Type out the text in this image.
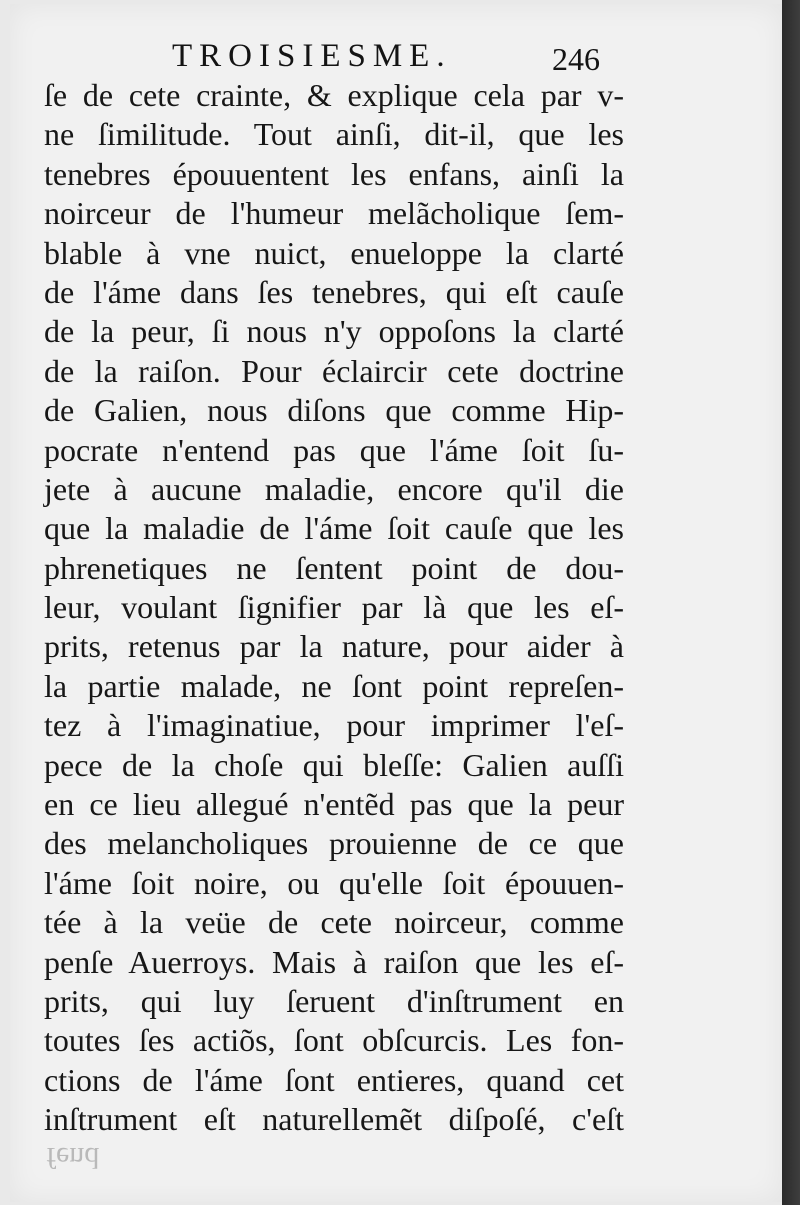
TROISIESME.	246
ſe de cete crainte, & explique cela par v-
ne ſimilitude. Tout ainſi, dit-il, que les
tenebres épouuentent les enfans, ainſi la
noirceur de l'humeur melãcholique ſem-
blable à vne nuict, enueloppe la clarté
de l'áme dans ſes tenebres, qui eſt cauſe
de la peur, ſi nous n'y oppoſons la clarté
de la raiſon. Pour éclaircir cete doctrine
de Galien, nous diſons que comme Hip-
pocrate n'entend pas que l'áme ſoit ſu-
jete à aucune maladie, encore qu'il die
que la maladie de l'áme ſoit cauſe que les
phrenetiques ne ſentent point de dou-
leur, voulant ſignifier par là que les eſ-
prits, retenus par la nature, pour aider à
la partie malade, ne ſont point repreſen-
tez à l'imaginatiue, pour imprimer l'eſ-
pece de la choſe qui bleſſe: Galien auſſi
en ce lieu allegué n'entẽd pas que la peur
des melancholiques prouienne de ce que
l'áme ſoit noire, ou qu'elle ſoit épouuen-
tée à la veüe de cete noirceur, comme
penſe Auerroys. Mais à raiſon que les eſ-
prits, qui luy ſeruent d'inſtrument en
toutes ſes actiõs, ſont obſcurcis. Les fon-
ctions de l'áme ſont entieres, quand cet
inſtrument eſt naturellemẽt diſpoſé, c'eſt
fend
